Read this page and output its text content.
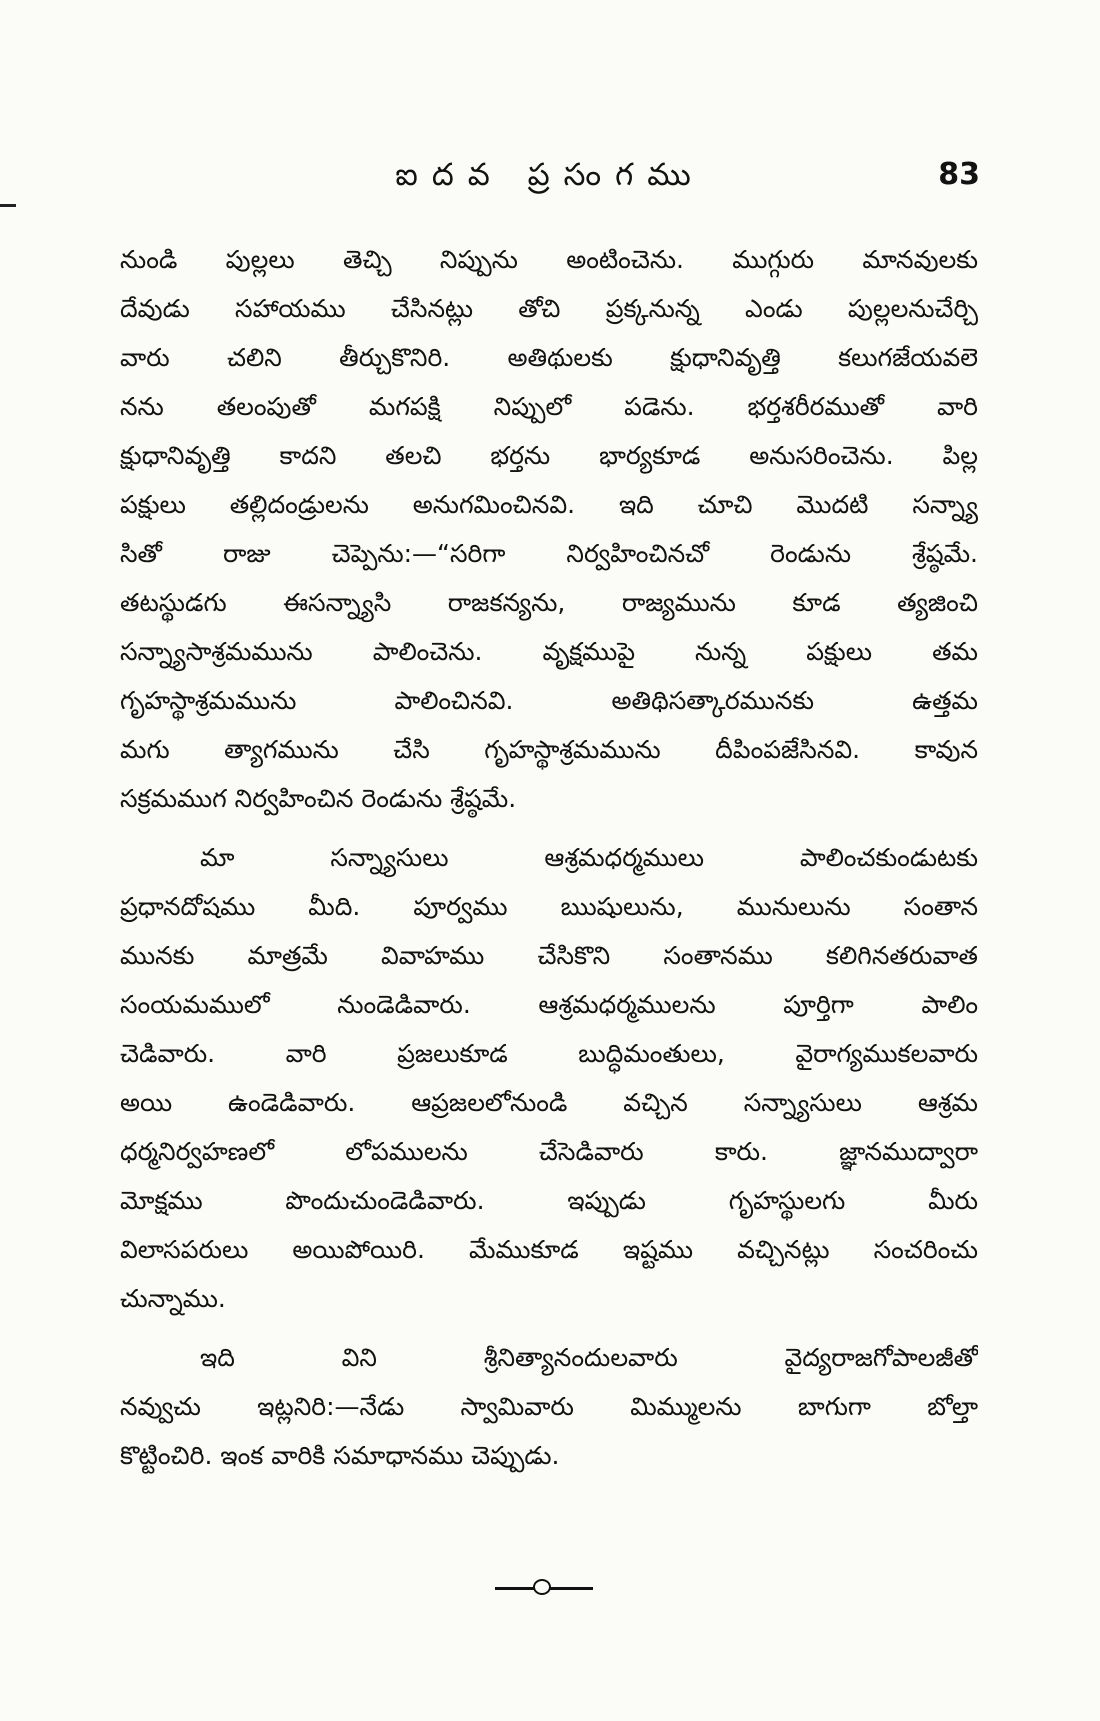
ఐదవ ప్రసంగము	83
నుండి పుల్లలు తెచ్చి నిప్పును అంటించెను. ముగ్గురు మానవులకు
దేవుడు సహాయము చేసినట్లు తోచి ప్రక్కనున్న ఎండు పుల్లలనుచేర్చి
వారు చలిని తీర్చుకొనిరి. అతిథులకు క్షుధానివృత్తి కలుగజేయవలె
నను తలంపుతో మగపక్షి నిప్పులో పడెను. భర్తశరీరముతో వారి
క్షుధానివృత్తి కాదని తలచి భర్తను భార్యకూడ అనుసరించెను. పిల్ల
పక్షులు తల్లిదండ్రులను అనుగమించినవి. ఇది చూచి మొదటి సన్న్యా
సితో రాజు చెప్పెను:—“సరిగా నిర్వహించినచో రెండును శ్రేష్ఠమే.
తటస్థుడగు ఈసన్న్యాసి రాజకన్యను, రాజ్యమును కూడ త్యజించి
సన్న్యాసాశ్రమమును పాలించెను. వృక్షముపై నున్న పక్షులు తమ
గృహస్థాశ్రమమును పాలించినవి. అతిథిసత్కారమునకు ఉత్తమ
మగు త్యాగమును చేసి గృహస్థాశ్రమమును దీపింపజేసినవి. కావున
సక్రమముగ నిర్వహించిన రెండును శ్రేష్ఠమే.
మా సన్న్యాసులు ఆశ్రమధర్మములు పాలించకుండుటకు
ప్రధానదోషము మీది. పూర్వము ఋషులును, మునులును సంతాన
మునకు మాత్రమే వివాహము చేసికొని సంతానము కలిగినతరువాత
సంయమములో నుండెడివారు. ఆశ్రమధర్మములను పూర్తిగా పాలిం
చెడివారు. వారి ప్రజలుకూడ బుద్ధిమంతులు, వైరాగ్యముకలవారు
అయి ఉండెడివారు. ఆప్రజలలోనుండి వచ్చిన సన్న్యాసులు ఆశ్రమ
ధర్మనిర్వహణలో లోపములను చేసెడివారు కారు. జ్ఞానముద్వారా
మోక్షము పొందుచుండెడివారు. ఇప్పుడు గృహస్థులగు మీరు
విలాసపరులు అయిపోయిరి. మేముకూడ ఇష్టము వచ్చినట్లు సంచరించు
చున్నాము.
ఇది విని శ్రీనిత్యానందులవారు వైద్యరాజగోపాలజీతో
నవ్వుచు ఇట్లనిరి:—నేడు స్వామివారు మిమ్ములను బాగుగా బోల్తా
కొట్టించిరి. ఇంక వారికి సమాధానము చెప్పుడు.
